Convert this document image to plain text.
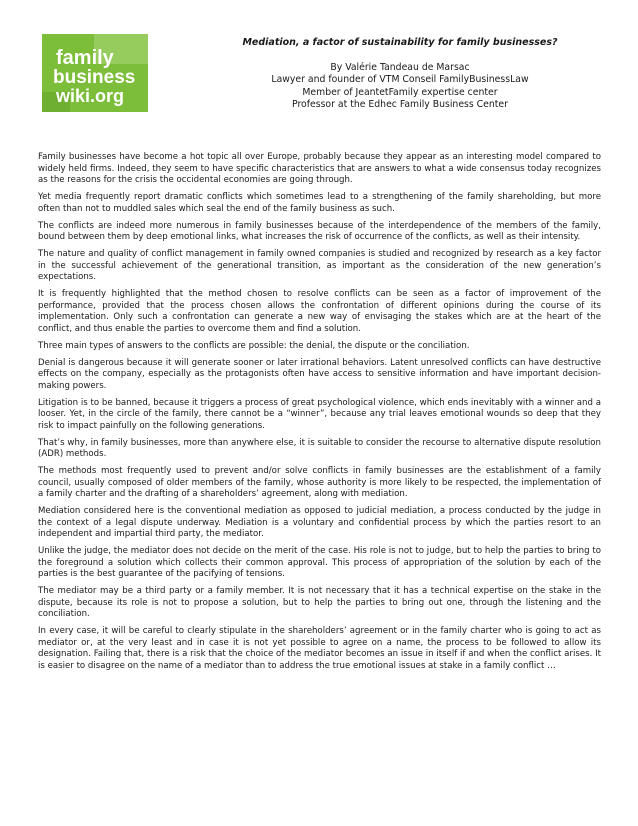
family
business
wiki.org
Mediation, a factor of sustainability for family businesses?
By Valérie Tandeau de Marsac
Lawyer and founder of VTM Conseil FamilyBusinessLaw
Member of JeantetFamily expertise center
Professor at the Edhec Family Business Center

Family businesses have become a hot topic all over Europe, probably because they appear as an interesting model compared to widely held firms. Indeed, they seem to have specific characteristics that are answers to what a wide consensus today recognizes as the reasons for the crisis the occidental economies are going through.

Yet media frequently report dramatic conflicts which sometimes lead to a strengthening of the family shareholding, but more often than not to muddled sales which seal the end of the family business as such.

The conflicts are indeed more numerous in family businesses because of the interdependence of the members of the family, bound between them by deep emotional links, what increases the risk of occurrence of the conflicts, as well as their intensity.

The nature and quality of conflict management in family owned companies is studied and recognized by research as a key factor in the successful achievement of the generational transition, as important as the consideration of the new generation’s expectations.

It is frequently highlighted that the method chosen to resolve conflicts can be seen as a factor of improvement of the performance, provided that the process chosen allows the confrontation of different opinions during the course of its implementation. Only such a confrontation can generate a new way of envisaging the stakes which are at the heart of the conflict, and thus enable the parties to overcome them and find a solution.

Three main types of answers to the conflicts are possible: the denial, the dispute or the conciliation.

Denial is dangerous because it will generate sooner or later irrational behaviors. Latent unresolved conflicts can have destructive effects on the company, especially as the protagonists often have access to sensitive information and have important decision-making powers.

Litigation is to be banned, because it triggers a process of great psychological violence, which ends inevitably with a winner and a looser. Yet, in the circle of the family, there cannot be a “winner”, because any trial leaves emotional wounds so deep that they risk to impact painfully on the following generations.

That’s why, in family businesses, more than anywhere else, it is suitable to consider the recourse to alternative dispute resolution (ADR) methods.

The methods most frequently used to prevent and/or solve conflicts in family businesses are the establishment of a family council, usually composed of older members of the family, whose authority is more likely to be respected, the implementation of a family charter and the drafting of a shareholders’ agreement, along with mediation.

Mediation considered here is the conventional mediation as opposed to judicial mediation, a process conducted by the judge in the context of a legal dispute underway. Mediation is a voluntary and confidential process by which the parties resort to an independent and impartial third party, the mediator.

Unlike the judge, the mediator does not decide on the merit of the case. His role is not to judge, but to help the parties to bring to the foreground a solution which collects their common approval. This process of appropriation of the solution by each of the parties is the best guarantee of the pacifying of tensions.

The mediator may be a third party or a family member. It is not necessary that it has a technical expertise on the stake in the dispute, because its role is not to propose a solution, but to help the parties to bring out one, through the listening and the conciliation.

In every case, it will be careful to clearly stipulate in the shareholders’ agreement or in the family charter who is going to act as mediator or, at the very least and in case it is not yet possible to agree on a name, the process to be followed to allow its designation. Failing that, there is a risk that the choice of the mediator becomes an issue in itself if and when the conflict arises. It is easier to disagree on the name of a mediator than to address the true emotional issues at stake in a family conflict …
